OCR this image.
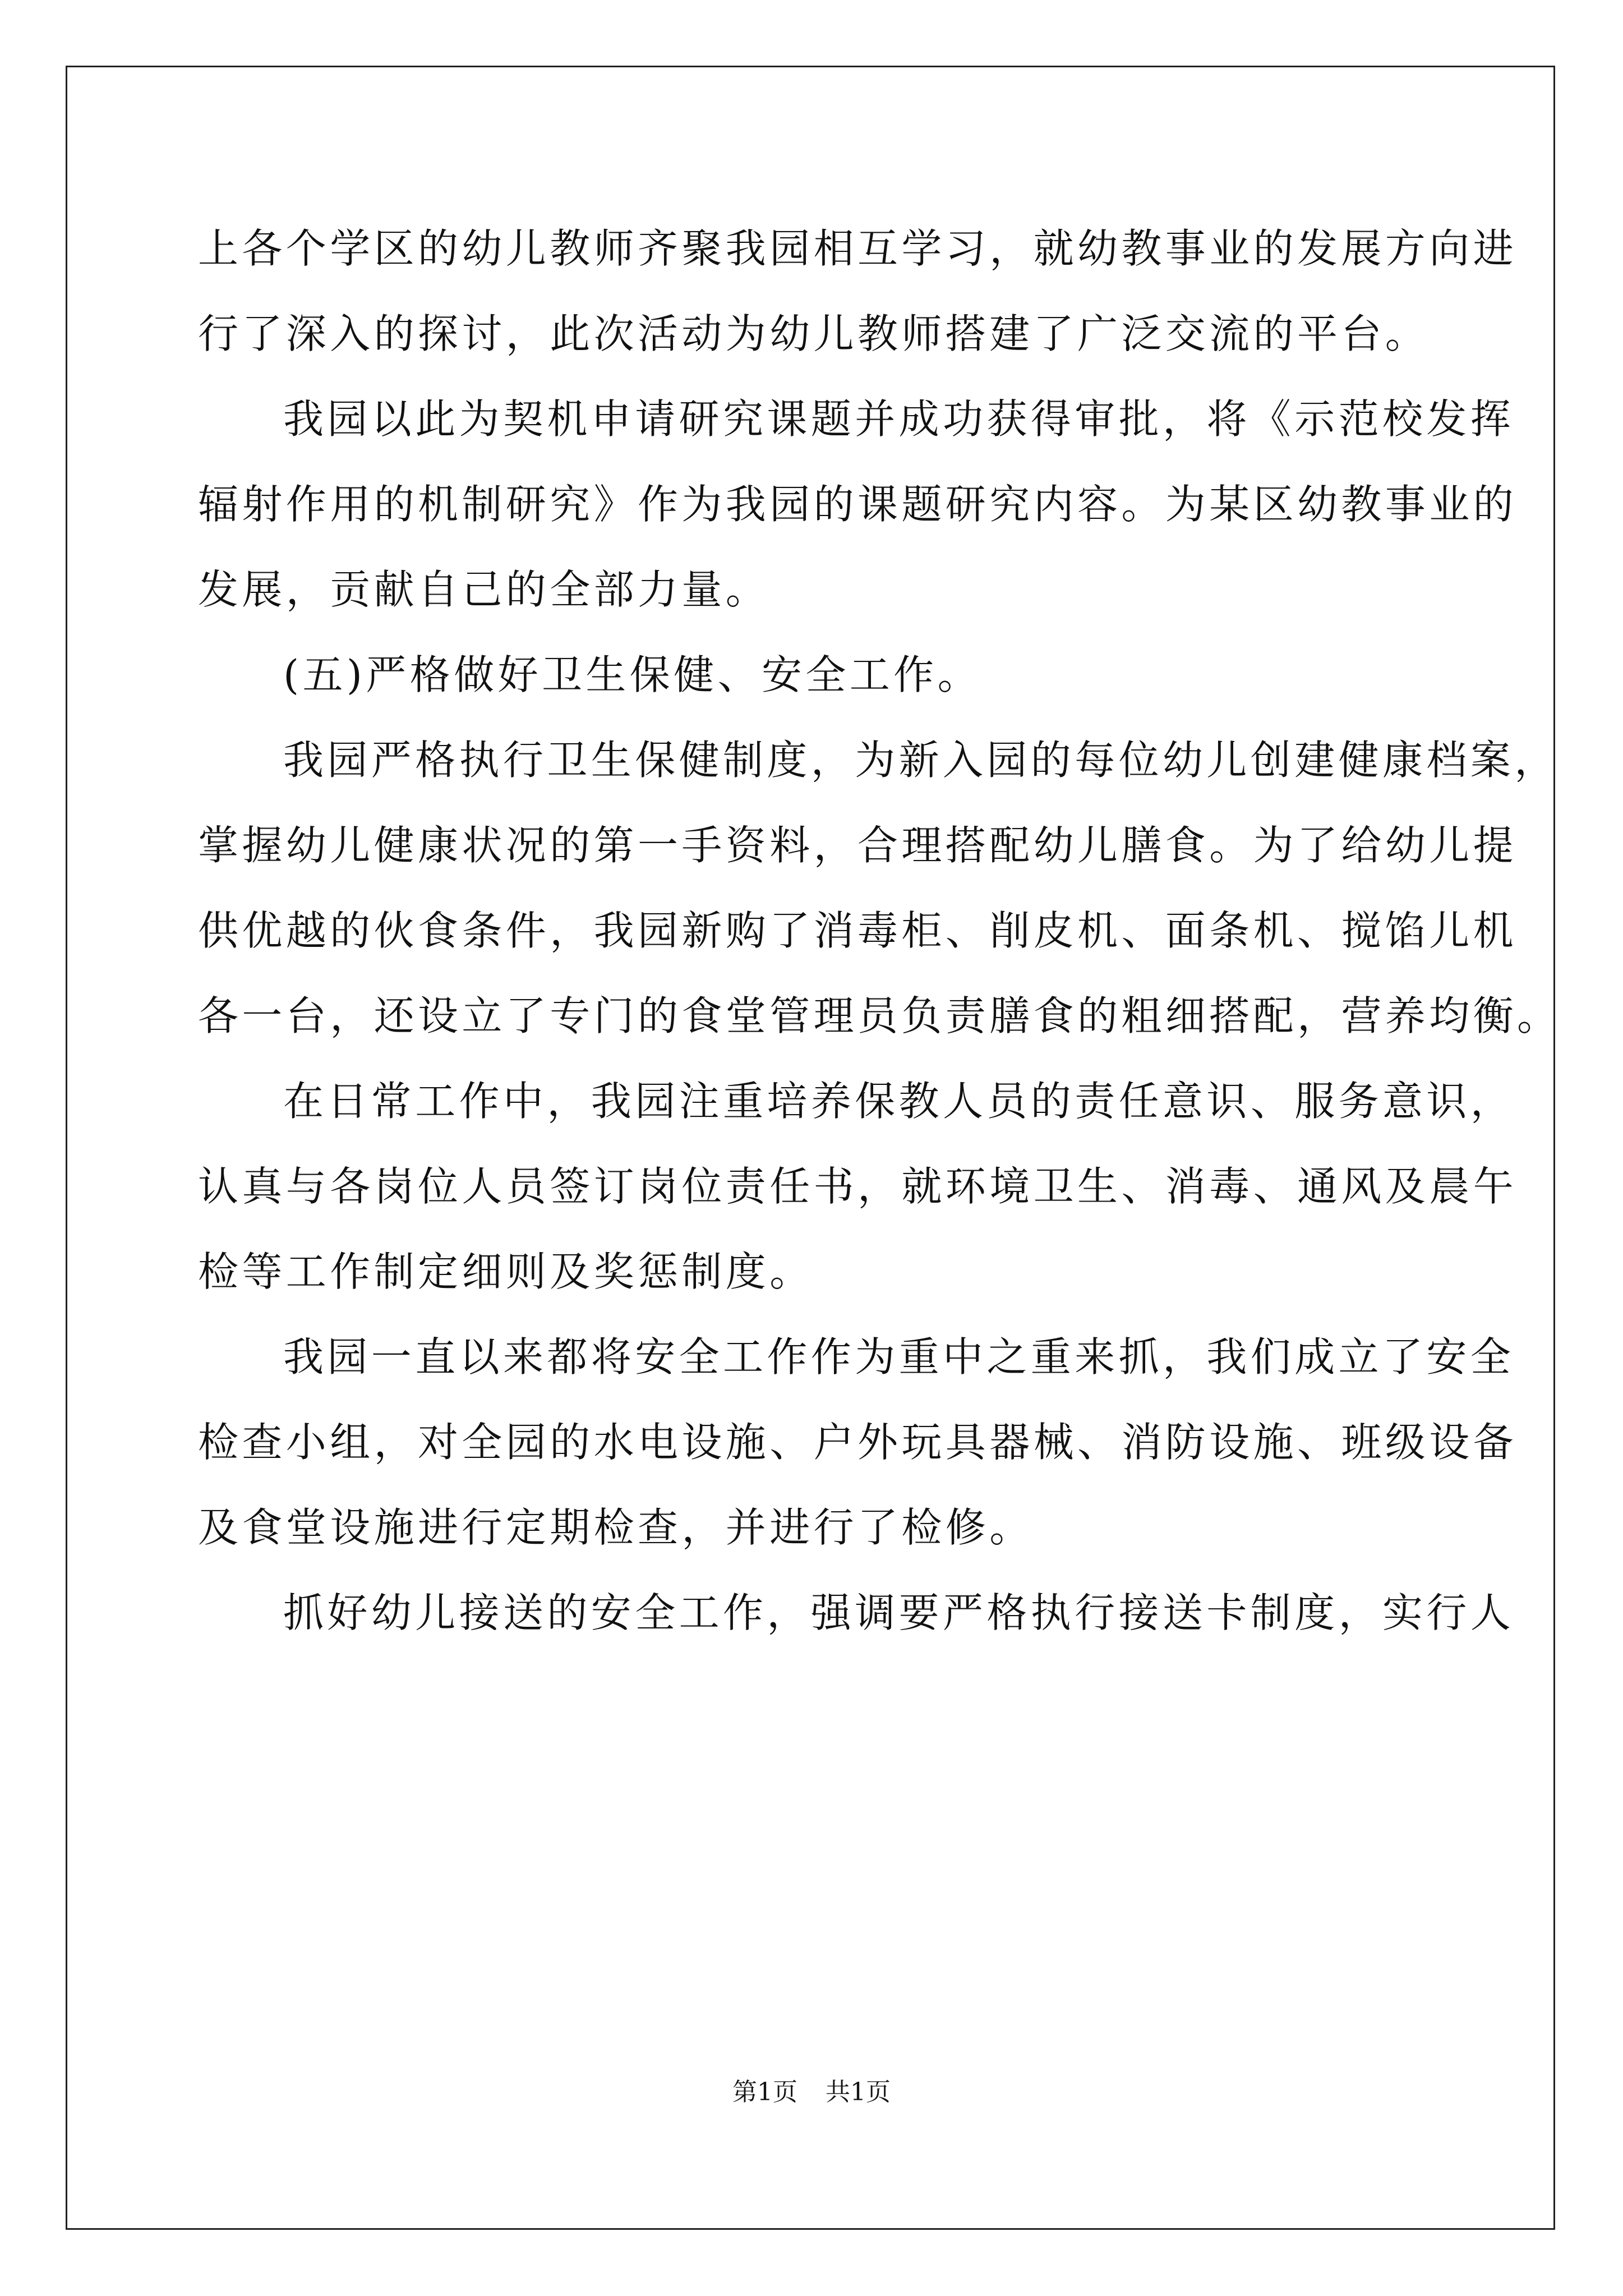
上各个学区的幼儿教师齐聚我园相互学习，就幼教事业的发展方向进
行了深入的探讨，此次活动为幼儿教师搭建了广泛交流的平台。
我园以此为契机申请研究课题并成功获得审批，将《示范校发挥
辐射作用的机制研究》作为我园的课题研究内容。为某区幼教事业的
发展，贡献自己的全部力量。
(五)严格做好卫生保健、安全工作。
我园严格执行卫生保健制度，为新入园的每位幼儿创建健康档案，
掌握幼儿健康状况的第一手资料，合理搭配幼儿膳食。为了给幼儿提
供优越的伙食条件，我园新购了消毒柜、削皮机、面条机、搅馅儿机
各一台，还设立了专门的食堂管理员负责膳食的粗细搭配，营养均衡。
在日常工作中，我园注重培养保教人员的责任意识、服务意识，
认真与各岗位人员签订岗位责任书，就环境卫生、消毒、通风及晨午
检等工作制定细则及奖惩制度。
我园一直以来都将安全工作作为重中之重来抓，我们成立了安全
检查小组，对全园的水电设施、户外玩具器械、消防设施、班级设备
及食堂设施进行定期检查，并进行了检修。
抓好幼儿接送的安全工作，强调要严格执行接送卡制度，实行人
第1页 共1页
